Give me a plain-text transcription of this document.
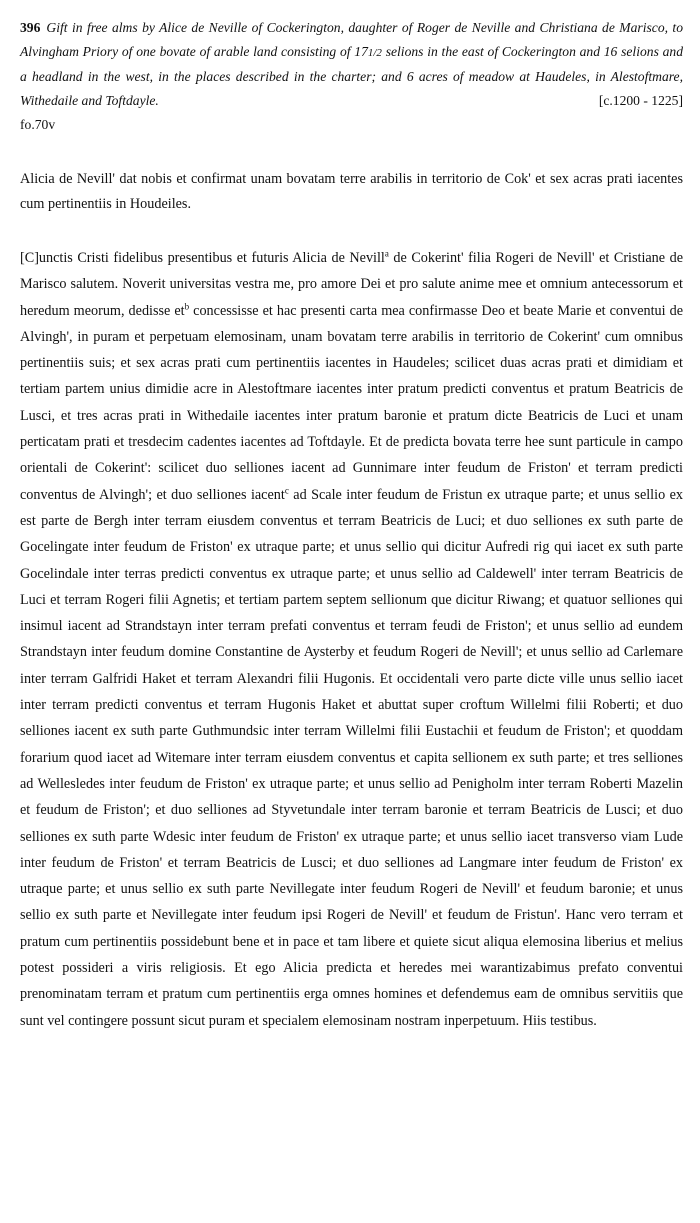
396 Gift in free alms by Alice de Neville of Cockerington, daughter of Roger de Neville and Christiana de Marisco, to Alvingham Priory of one bovate of arable land consisting of 171/2 selions in the east of Cockerington and 16 selions and a headland in the west, in the places described in the charter; and 6 acres of meadow at Haudeles, in Alestoftmare, Withedaile and Toftdayle.	[c.1200 - 1225]

fo.70v

Alicia de Nevill' dat nobis et confirmat unam bovatam terre arabilis in territorio de Cok' et sex acras prati iacentes cum pertinentiis in Houdeiles.

[C]unctis Cristi fidelibus presentibus et futuris Alicia de Nevill$^a$ de Cokerint' filia Rogeri de Nevill' et Cristiane de Marisco salutem. Noverit universitas vestra me, pro amore Dei et pro salute anime mee et omnium antecessorum et heredum meorum, dedisse $et^b$ concessisse et hac presenti carta mea confirmasse Deo et beate Marie et conventui de Alvingh', in puram et perpetuam elemosinam, unam bovatam terre arabilis in territorio de Cokerint' cum omnibus pertinentiis suis; et sex acras prati cum pertinentiis iacentes in Haudeles; scilicet duas acras prati et dimidiam et tertiam partem unius dimidie acre in Alestoftmare iacentes inter pratum predicti conventus et pratum Beatricis de Lusci, et tres acras prati in Withedaile iacentes inter pratum baronie et pratum dicte Beatricis de Luci et unam perticatam prati et tresdecim cadentes iacentes ad Toftdayle. Et de predicta bovata terre hee sunt particule in campo orientali de Cokerint': scilicet duo selliones iacent ad Gunnimare inter feudum de Friston' et terram predicti conventus de Alvingh'; et duo selliones iacent$^c$ ad Scale inter feudum de Fristun ex utraque parte; et unus sellio ex est parte de Bergh inter terram eiusdem conventus et terram Beatricis de Luci; et duo selliones ex suth parte de Gocelingate inter feudum de Friston' ex utraque parte; et unus sellio qui dicitur Aufredi rig qui iacet ex suth parte Gocelindale inter terras predicti conventus ex utraque parte; et unus sellio ad Caldewell' inter terram Beatricis de Luci et terram Rogeri filii Agnetis; et tertiam partem septem sellionum que dicitur Riwang; et quatuor selliones qui insimul iacent ad Strandstayn inter terram prefati conventus et terram feudi de Friston'; et unus sellio ad eundem Strandstayn inter feudum domine Constantine de Aysterby et feudum Rogeri de Nevill'; et unus sellio ad Carlemare inter terram Galfridi Haket et terram Alexandri filii Hugonis. Et occidentali vero parte dicte ville unus sellio iacet inter terram predicti conventus et terram Hugonis Haket et abuttat super croftum Willelmi filii Roberti; et duo selliones iacent ex suth parte Guthmundsic inter terram Willelmi filii Eustachii et feudum de Friston'; et quoddam forarium quod iacet ad Witemare inter terram eiusdem conventus et capita sellionem ex suth parte; et tres selliones ad Wellesledes inter feudum de Friston' ex utraque parte; et unus sellio ad Penigholm inter terram Roberti Mazelin et feudum de Friston'; et duo selliones ad Styvetundale inter terram baronie et terram Beatricis de Lusci; et duo selliones ex suth parte Wdesic inter feudum de Friston' ex utraque parte; et unus sellio iacet transverso viam Lude inter feudum de Friston' et terram Beatricis de Lusci; et duo selliones ad Langmare inter feudum de Friston' ex utraque parte; et unus sellio ex suth parte Nevillegate inter feudum Rogeri de Nevill' et feudum baronie; et unus sellio ex suth parte et Nevillegate inter feudum ipsi Rogeri de Nevill' et feudum de Fristun'. Hanc vero terram et pratum cum pertinentiis possidebunt bene et in pace et tam libere et quiete sicut aliqua elemosina liberius et melius potest possideri a viris religiosis. Et ego Alicia predicta et heredes mei warantizabimus prefato conventui prenominatam terram et pratum cum pertinentiis erga omnes homines et defendemus eam de omnibus servitiis que sunt vel contingere possunt sicut puram et specialem elemosinam nostram inperpetuum. Hiis testibus.
